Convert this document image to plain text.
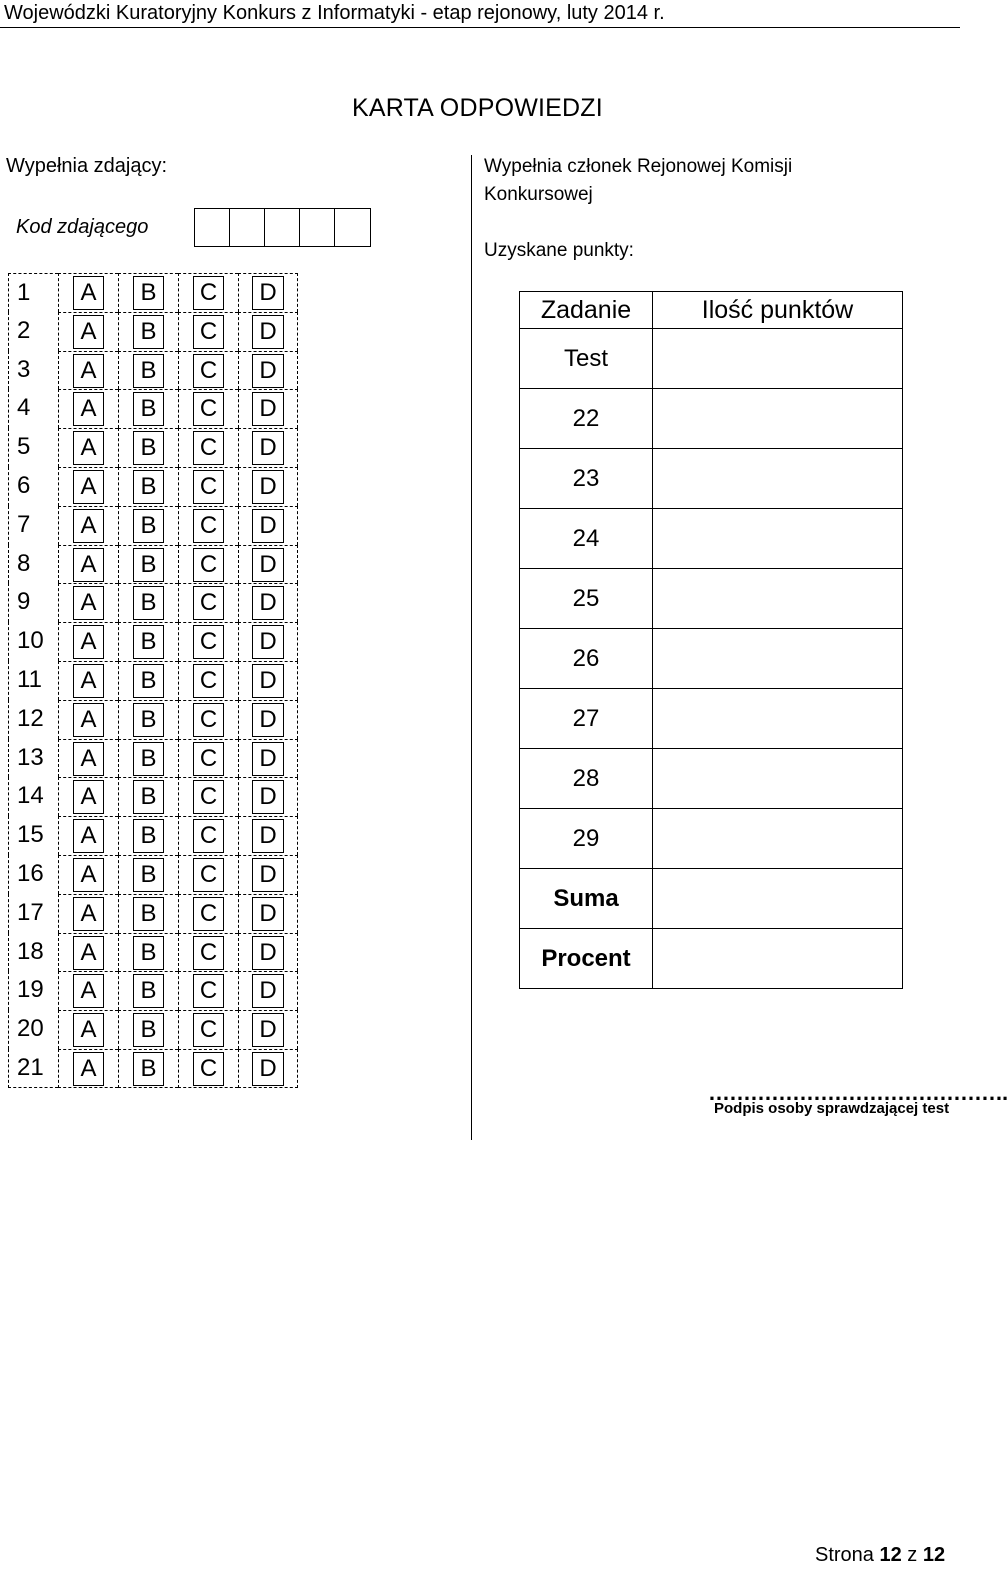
Wojewódzki Kuratoryjny Konkurs z Informatyki - etap rejonowy, luty 2014 r.
KARTA ODPOWIEDZI
Wypełnia zdający:
Kod zdającego
1	A	B	C	D
2	A	B	C	D
3	A	B	C	D
4	A	B	C	D
5	A	B	C	D
6	A	B	C	D
7	A	B	C	D
8	A	B	C	D
9	A	B	C	D
10	A	B	C	D
11	A	B	C	D
12	A	B	C	D
13	A	B	C	D
14	A	B	C	D
15	A	B	C	D
16	A	B	C	D
17	A	B	C	D
18	A	B	C	D
19	A	B	C	D
20	A	B	C	D
21	A	B	C	D
Wypełnia członek Rejonowej Komisji Konkursowej
Uzyskane punkty:
Zadanie	Ilość punktów
Test	
22	
23	
24	
25	
26	
27	
28	
29	
Suma	
Procent	
…………………………………….
Podpis osoby sprawdzającej test
Strona 12 z 12
